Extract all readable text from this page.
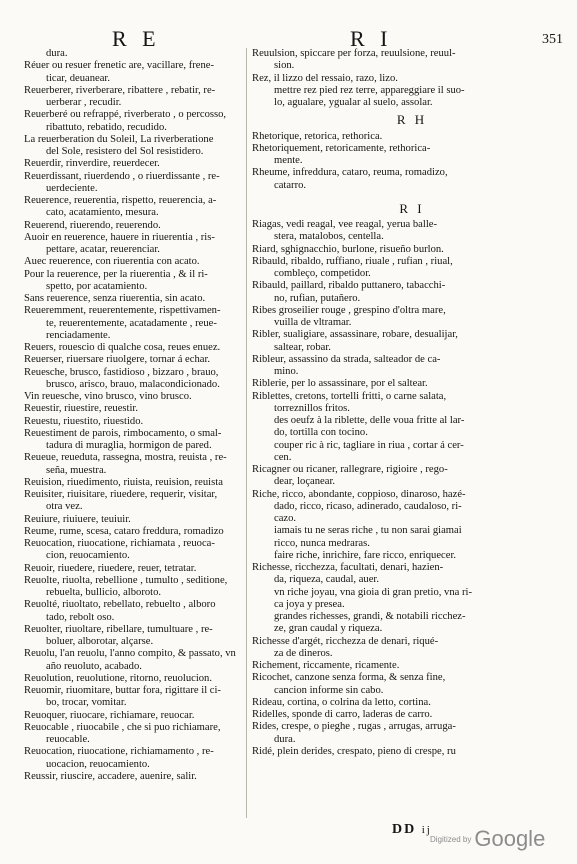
R E	R I	351
dura.
Réuer ou resuer frenetic are, vacillare, frene-
ticar, deuanear.
Reuerberer, riverberare, ribattere , rebatir, re-
uerberar , recudir.
Reuerberé ou refrappé, riverberato , o percosso,
ribattuto, rebatido, recudido.
La reuerberation du Soleil, La riverberatione
del Sole, resistero del Sol resistidero.
Reuerdir, rinverdire, reuerdecer.
Reuerdissant, riuerdendo , o riuerdissante , re-
uerdeciente.
Reuerence, reuerentia, rispetto, reuerencia, a-
cato, acatamiento, mesura.
Reuerend, riuerendo, reuerendo.
Auoir en reuerence, hauere in riuerentia , ris-
pettare, acatar, reuerenciar.
Auec reuerence, con riuerentia con acato.
Pour la reuerence, per la riuerentia , & il ri-
spetto, por acatamiento.
Sans reuerence, senza riuerentia, sin acato.
Reueremment, reuerentemente, rispettivamen-
te, reuerentemente, acatadamente , reue-
renciadamente.
Reuers, rouescio di qualche cosa, reues enuez.
Reuerser, riuersare riuolgere, tornar á echar.
Reuesche, brusco, fastidioso , bizzaro , brauo,
brusco, arisco, brauo, malacondicionado.
Vin reuesche, vino brusco, vino brusco.
Reuestir, riuestire, reuestir.
Reuestu, riuestito, riuestido.
Reuestiment de parois, rimbocamento, o smal-
tadura di muraglia, hormigon de pared.
Reueue, reueduta, rassegna, mostra, reuista , re-
seña, muestra.
Reuision, riuedimento, riuista, reuision, reuista
Reuisiter, riuisitare, riuedere, requerir, visitar,
otra vez.
Reuiure, riuiuere, teuiuir.
Reume, rume, scesa, cataro freddura, romadizo
Reuocation, riuocatione, richiamata , reuoca-
cion, reuocamiento.
Reuoir, riuedere, riuedere, reuer, tetratar.
Reuolte, riuolta, rebellione , tumulto , seditione,
rebuelta, bullicio, alboroto.
Reuolté, riuoltato, rebellato, rebuelto , alboro
tado, rebolt oso.
Reuolter, riuoltare, ribellare, tumultuare , re-
boluer, alborotar, alçarse.
Reuolu, l'an reuolu, l'anno compito, & passato, vn
año reuoluto, acabado.
Reuolution, reuolutione, ritorno, reuolucion.
Reuomir, riuomitare, buttar fora, rigittare il ci-
bo, trocar, vomitar.
Reuoquer, riuocare, richiamare, reuocar.
Reuocable , riuocabile , che si puo richiamare,
reuocable.
Reuocation, riuocatione, richiamamento , re-
uocacion, reuocamiento.
Reussir, riuscire, accadere, auenire, salir.
Reuulsion, spiccare per forza, reuulsione, reuul-
sion.
Rez, il lizzo del ressaio, razo, lizo.
mettre rez pied rez terre, appareggiare il suo-
lo, agualare, ygualar al suelo, assolar.
R H
Rhetorique, retorica, rethorica.
Rhetoriquement, retoricamente, rethorica-
mente.
Rheume, infreddura, cataro, reuma, romadizo,
catarro.
R I
Riagas, vedi reagal, vee reagal, yerua balle-
stera, matalobos, centella.
Riard, sghignacchio, burlone, risueño burlon.
Ribauld, ribaldo, ruffiano, riuale , rufian , riual,
combleço, competidor.
Ribauld, paillard, ribaldo puttanero, tabacchi-
no, rufian, putañero.
Ribes groseilier rouge , grespino d'oltra mare,
vuilla de vltramar.
Ribler, sualigiare, assassinare, robare, desualijar,
saltear, robar.
Ribleur, assassino da strada, salteador de ca-
mino.
Riblerie, per lo assassinare, por el saltear.
Riblettes, cretons, tortelli fritti, o carne salata,
torreznillos fritos.
des oeufz à la riblette, delle voua fritte al lar-
do, tortilla con tocino.
couper ric à ric, tagliare in riua , cortar á cer-
cen.
Ricagner ou ricaner, rallegrare, rigioire , rego-
dear, loçanear.
Riche, ricco, abondante, coppioso, dinaroso, hazé-
dado, ricco, ricaso, adinerado, caudaloso, ri-
cazo.
iamais tu ne seras riche , tu non sarai giamai
ricco, nunca medraras.
faire riche, inrichire, fare ricco, enriquecer.
Richesse, ricchezza, facultati, denari, hazien-
da, riqueza, caudal, auer.
vn riche joyau, vna gioia di gran pretio, vna ri-
ca joya y presea.
grandes richesses, grandi, & notabili ricchez-
ze, gran caudal y riqueza.
Richesse d'argét, ricchezza de denari, riqué-
za de dineros.
Richement, riccamente, ricamente.
Ricochet, canzone senza forma, & senza fine,
cancion informe sin cabo.
Rideau, cortina, o colrina da letto, cortina.
Ridelles, sponde di carro, laderas de carro.
Rides, crespe, o pieghe , rugas , arrugas, arruga-
dura.
Ridé, plein derides, crespato, pieno di crespe, ru
DD ij
Digitized by Google
